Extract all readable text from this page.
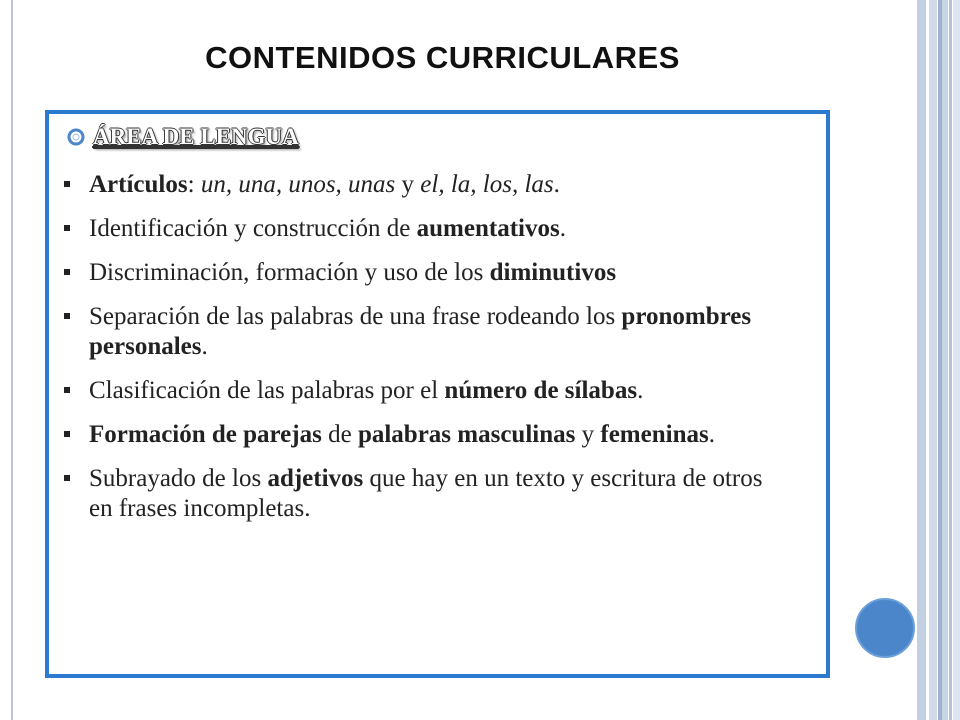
CONTENIDOS CURRICULARES
ÁREA DE LENGUA
Artículos: un, una, unos, unas y el, la, los, las.
Identificación y construcción de aumentativos.
Discriminación, formación y uso de los diminutivos
Separación de las palabras de una frase rodeando los pronombres personales.
Clasificación de las palabras por el número de sílabas.
Formación de parejas de palabras masculinas y femeninas.
Subrayado de los adjetivos que hay en un texto y escritura de otros en frases incompletas.
